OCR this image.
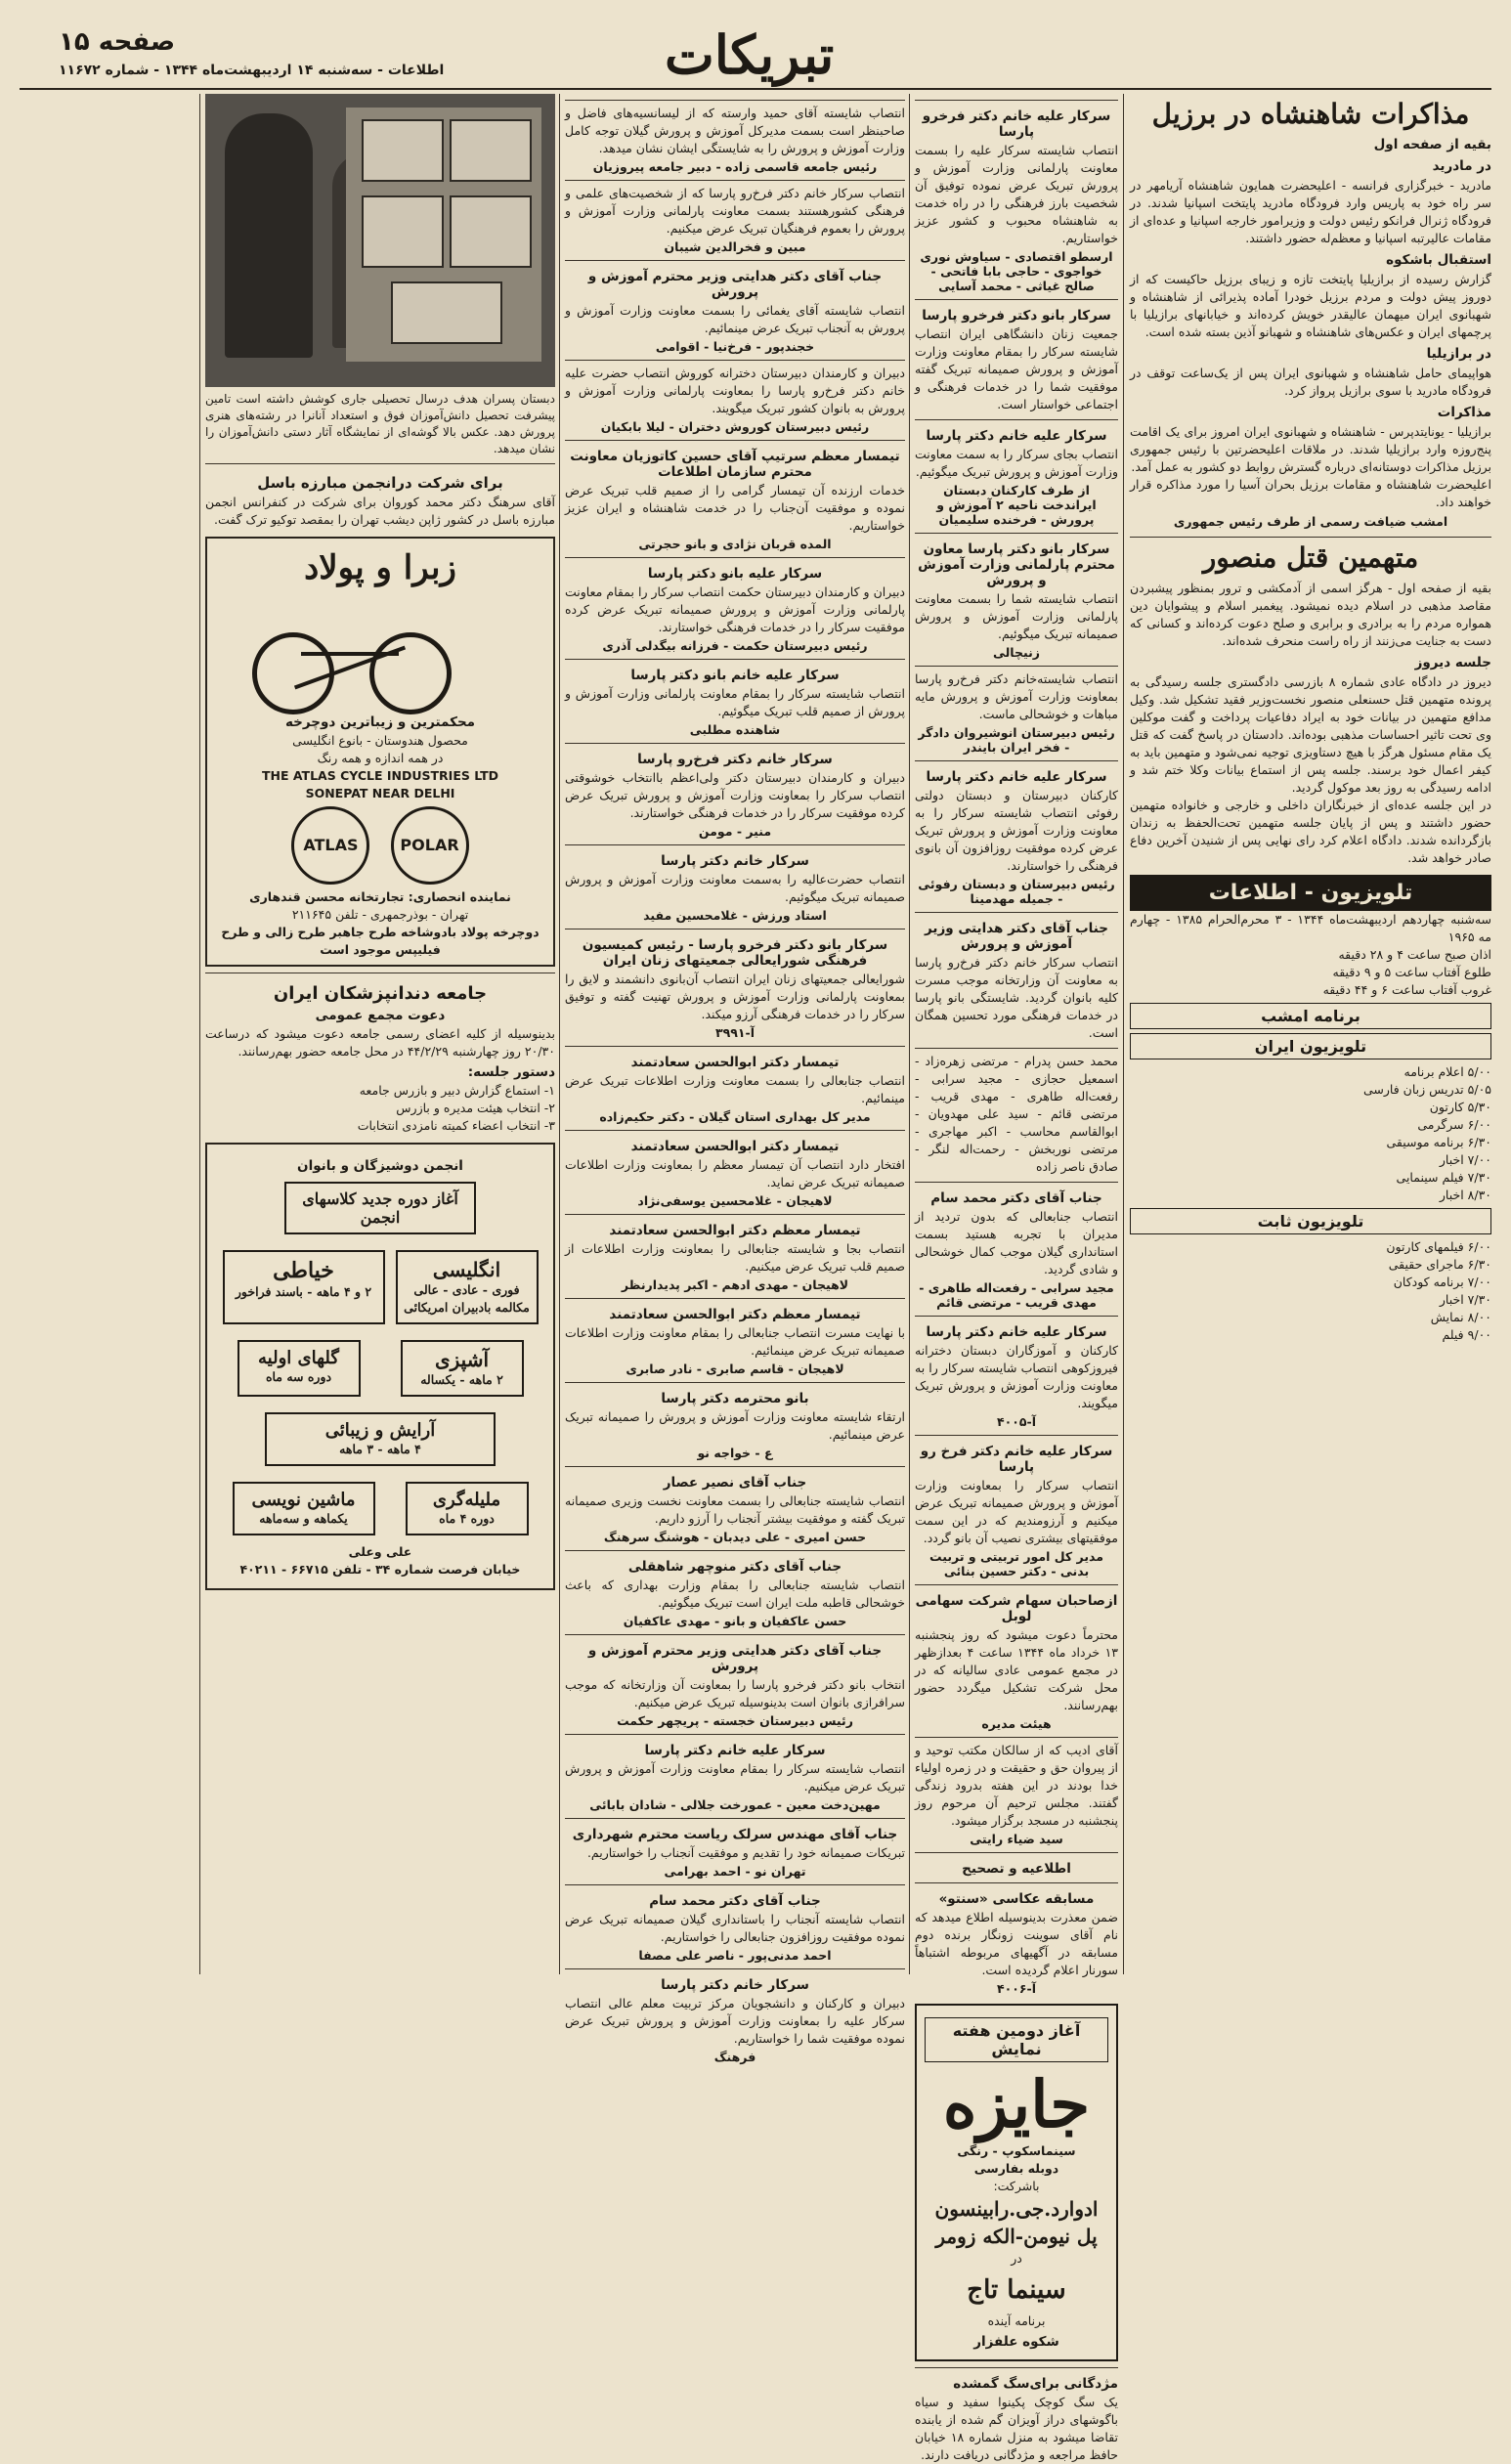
صفحه ۱۵
اطلاعات - سه‌شنبه ۱۴ اردیبهشت‌ماه ۱۳۴۴ - شماره ۱۱۶۷۲	تبریکات
مذاکرات شاهنشاه در برزیل

بقیه از صفحه اول

در مادرید

مادرید - خبرگزاری فرانسه - اعلیحضرت همایون شاهنشاه آریامهر در سر راه خود به پاریس وارد فرودگاه مادرید پایتخت اسپانیا شدند. در فرودگاه ژنرال فرانکو رئیس دولت و وزیرامور خارجه اسپانیا و عده‌ای از مقامات عالیرتبه اسپانیا و معظم‌له حضور داشتند.

استقبال باشکوه

گزارش رسیده از برازیلیا پایتخت تازه و زیبای برزیل حاکیست که از دوروز پیش دولت و مردم برزیل خودرا آماده پذیرائی از شاهنشاه و شهبانوی ایران میهمان عالیقدر خویش کرده‌اند و خیابانهای برازیلیا با پرچمهای ایران و عکس‌های شاهنشاه و شهبانو آذین بسته شده است.

در برازیلیا

هواپیمای حامل شاهنشاه و شهبانوی ایران پس از یک‌ساعت توقف در فرودگاه مادرید با سوی برازیل پرواز کرد.

مذاکرات

برازیلیا - یونایتدپرس - شاهنشاه و شهبانوی ایران امروز برای یک اقامت پنج‌روزه وارد برازیلیا شدند. در ملاقات اعلیحضرتین با رئیس جمهوری برزیل مذاکرات دوستانه‌ای درباره گسترش روابط دو کشور به عمل آمد.

اعلیحضرت شاهنشاه و مقامات برزیل بحران آسیا را مورد مذاکره قرار خواهند داد.

امشب ضیافت رسمی از طرف رئیس جمهوری

متهمین قتل منصور

بقیه از صفحه اول - هرگز اسمی از آدمکشی و ترور بمنظور پیشبردن مقاصد مذهبی در اسلام دیده نمیشود. پیغمبر اسلام و پیشوایان دین همواره مردم را به برادری و برابری و صلح دعوت کرده‌اند و کسانی که دست به جنایت می‌زنند از راه راست منحرف شده‌اند.

جلسه دیروز

دیروز در دادگاه عادی شماره ۸ بازرسی دادگستری جلسه رسیدگی به پرونده متهمین قتل حسنعلی منصور نخست‌وزیر فقید تشکیل شد. وکیل مدافع متهمین در بیانات خود به ایراد دفاعیات پرداخت و گفت موکلین وی تحت تاثیر احساسات مذهبی بوده‌اند. دادستان در پاسخ گفت که قتل یک مقام مسئول هرگز با هیچ دستاویزی توجیه نمی‌شود و متهمین باید به کیفر اعمال خود برسند. جلسه پس از استماع بیانات وکلا ختم شد و ادامه رسیدگی به روز بعد موکول گردید.

در این جلسه عده‌ای از خبرنگاران داخلی و خارجی و خانواده متهمین حضور داشتند و پس از پایان جلسه متهمین تحت‌الحفظ به زندان بازگردانده شدند. دادگاه اعلام کرد رای نهایی پس از شنیدن آخرین دفاع صادر خواهد شد.

تلویزیون - اطلاعات

سه‌شنبه چهاردهم اردیبهشت‌ماه ۱۳۴۴ - ۳ محرم‌الحرام ۱۳۸۵ - چهارم مه ۱۹۶۵

اذان صبح ساعت ۴ و ۲۸ دقیقه
طلوع آفتاب ساعت ۵ و ۹ دقیقه
غروب آفتاب ساعت ۶ و ۴۴ دقیقه
برنامه امشب
تلویزیون ایران
۵/۰۰ اعلام برنامه
۵/۰۵ تدریس زبان فارسی
۵/۳۰ کارتون
۶/۰۰ سرگرمی
۶/۳۰ برنامه موسیقی
۷/۰۰ اخبار
۷/۳۰ فیلم سینمایی
۸/۳۰ اخبار
تلویزیون ثابت
۶/۰۰ فیلمهای کارتون
۶/۳۰ ماجرای حقیقی
۷/۰۰ برنامه کودکان
۷/۳۰ اخبار
۸/۰۰ نمایش
۹/۰۰ فیلم
سرکار علیه خانم دکتر فرخرو پارسا

انتصاب شایسته سرکار علیه را بسمت معاونت پارلمانی وزارت آموزش و پرورش تبریک عرض نموده توفیق آن شخصیت بارز فرهنگی را در راه خدمت به شاهنشاه محبوب و کشور عزیز خواستاریم.

ارسطو اقتصادی - سیاوش نوری خواجوی - حاجی بابا فاتحی - صالح غیاثی - محمد آسایی
سرکار بانو دکتر فرخرو پارسا

جمعیت زنان دانشگاهی ایران انتصاب شایسته سرکار را بمقام معاونت وزارت آموزش و پرورش صمیمانه تبریک گفته موفقیت شما را در خدمات فرهنگی و اجتماعی خواستار است.

سرکار علیه خانم دکتر پارسا

انتصاب بجای سرکار را به سمت معاونت وزارت آموزش و پرورش تبریک میگوئیم.

از طرف کارکنان دبستان ایراندخت ناحیه ۲ آموزش و پرورش - فرخنده سلیمیان
سرکار بانو دکتر پارسا معاون محترم پارلمانی وزارت آموزش و پرورش

انتصاب شایسته شما را بسمت معاونت پارلمانی وزارت آموزش و پرورش صمیمانه تبریک میگوئیم.

زنیچالی

انتصاب شایسته‌خانم دکتر فرخ‌رو پارسا بمعاونت وزارت آموزش و پرورش مایه مباهات و خوشحالی ماست.

رئیس دبیرستان انوشیروان دادگر - فخر ایران بایندر
سرکار علیه خانم دکتر پارسا

کارکنان دبیرستان و دبستان دولتی رفوئی انتصاب شایسته سرکار را به معاونت وزارت آموزش و پرورش تبریک عرض کرده موفقیت روزافزون آن بانوی فرهنگی را خواستارند.

رئیس دبیرستان و دبستان رفوئی - جمیله مهدمینا
جناب آقای دکتر هدایتی وزیر آموزش و پرورش

انتصاب سرکار خانم دکتر فرخ‌رو پارسا به معاونت آن وزارتخانه موجب مسرت کلیه بانوان گردید. شایستگی بانو پارسا در خدمات فرهنگی مورد تحسین همگان است.

محمد حسن پدرام - مرتضی زهره‌زاد - اسمعیل حجازی - مجید سرابی - رفعت‌اله طاهری - مهدی قریب - مرتضی قائم - سید علی مهدویان - ابوالقاسم محاسب - اکبر مهاجری - مرتضی نوربخش - رحمت‌اله لنگر - صادق ناصر زاده

جناب آقای دکتر محمد سام

انتصاب جنابعالی که بدون تردید از مدیران با تجربه هستید بسمت استانداری گیلان موجب کمال خوشحالی و شادی گردید.

مجید سرابی - رفعت‌اله طاهری - مهدی قریب - مرتضی قائم
سرکار علیه خانم دکتر پارسا

کارکنان و آموزگاران دبستان دخترانه فیروزکوهی انتصاب شایسته سرکار را به معاونت وزارت آموزش و پرورش تبریک میگویند.

آ-۴۰۰۵
سرکار علیه خانم دکتر فرخ رو پارسا

انتصاب سرکار را بمعاونت وزارت آموزش و پرورش صمیمانه تبریک عرض میکنیم و آرزومندیم که در این سمت موفقیتهای بیشتری نصیب آن بانو گردد.

مدیر کل امور تربیتی و تربیت بدنی - دکتر حسین بنائی
ازصاحبان سهام شرکت سهامی لوبل

محترماً دعوت میشود که روز پنجشنبه ۱۳ خرداد ماه ۱۳۴۴ ساعت ۴ بعدازظهر در مجمع عمومی عادی سالیانه که در محل شرکت تشکیل میگردد حضور بهم‌رسانند.

هیئت مدیره

آقای ادیب که از سالکان مکتب توحید و از پیروان حق و حقیقت و در زمره اولیاء خدا بودند در این هفته بدرود زندگی گفتند. مجلس ترحیم آن مرحوم روز پنجشنبه در مسجد برگزار میشود.

سید ضیاء رایتی
اطلاعیه و تصحیح
مسابقه عکاسی «سنتو»

ضمن معذرت بدینوسیله اطلاع میدهد که نام آقای سوینت زونگار برنده دوم مسابقه در آگهیهای مربوطه اشتباهاً سورنار اعلام گردیده است.

آ-۴۰۰۶
آغاز دومین هفته نمایش
جایزه
سینماسکوپ - رنگی
دوبله بفارسی
باشرکت:
ادوارد.جی.رابینسون
پل نیومن-الکه زومر
در
سینما تاج
برنامه آینده
شکوه علفزار
مژدگانی برای‌سگ گمشده

یک سگ کوچک پکینوا سفید و سیاه باگوشهای دراز آویزان گم شده از یابنده تقاضا میشود به منزل شماره ۱۸ خیابان حافظ مراجعه و مژدگانی دریافت دارند.

انتصاب شایسته آقای حمید وارسته که از لیسانسیه‌های فاضل و صاحبنظر است بسمت مدیرکل آموزش و پرورش گیلان توجه کامل وزارت آموزش و پرورش را به شایستگی ایشان نشان میدهد.

رئیس جامعه قاسمی زاده - دبیر جامعه پیروزیان

انتصاب سرکار خانم دکتر فرخ‌رو پارسا که از شخصیت‌های علمی و فرهنگی کشورهستند بسمت معاونت پارلمانی وزارت آموزش و پرورش را بعموم فرهنگیان تبریک عرض میکنیم.

مبین و فخرالدین شیبان
جناب آقای دکتر هدایتی وزیر محترم آموزش و پرورش

انتصاب شایسته آقای یغمائی را بسمت معاونت وزارت آموزش و پرورش به آنجناب تبریک عرض مینمائیم.

خجندپور - فرخ‌نیا - اقوامی

دبیران و کارمندان دبیرستان دخترانه کوروش انتصاب حضرت علیه خانم دکتر فرخ‌رو پارسا را بمعاونت پارلمانی وزارت آموزش و پرورش به بانوان کشور تبریک میگویند.

رئیس دبیرستان کوروش دختران - لیلا بابکیان
تیمسار معظم سرتیپ آقای حسین کاتوزیان معاونت محترم سازمان اطلاعات

خدمات ارزنده آن تیمسار گرامی را از صمیم قلب تبریک عرض نموده و موفقیت آن‌جناب را در خدمت شاهنشاه و ایران عزیز خواستاریم.

المده قربان نژادی و بانو حجرتی
سرکار علیه بانو دکتر پارسا

دبیران و کارمندان دبیرستان حکمت انتصاب سرکار را بمقام معاونت پارلمانی وزارت آموزش و پرورش صمیمانه تبریک عرض کرده موفقیت سرکار را در خدمات فرهنگی خواستارند.

رئیس دبیرستان حکمت - فرزانه بیگدلی آذری
سرکار علیه خانم بانو دکتر پارسا

انتصاب شایسته سرکار را بمقام معاونت پارلمانی وزارت آموزش و پرورش از صمیم قلب تبریک میگوئیم.

شاهنده مطلبی
سرکار خانم دکتر فرخ‌رو پارسا

دبیران و کارمندان دبیرستان دکتر ولی‌اعظم باانتخاب خوشوقتی انتصاب سرکار را بمعاونت وزارت آموزش و پرورش تبریک عرض کرده موفقیت سرکار را در خدمات فرهنگی خواستارند.

منیر - مومن
سرکار خانم دکتر پارسا

انتصاب حضرت‌عالیه را به‌سمت معاونت وزارت آموزش و پرورش صمیمانه تبریک میگوئیم.

استاد ورزش - غلامحسین مفید
سرکار بانو دکتر فرخرو پارسا - رئیس کمیسیون فرهنگی شورایعالی جمعیتهای زنان ایران

شورایعالی جمعیتهای زنان ایران انتصاب آن‌بانوی دانشمند و لایق را بمعاونت پارلمانی وزارت آموزش و پرورش تهنیت گفته و توفیق سرکار را در خدمات فرهنگی آرزو میکند.

آ-۳۹۹۱
تیمسار دکتر ابوالحسن سعادتمند

انتصاب جنابعالی را بسمت معاونت وزارت اطلاعات تبریک عرض مینمائیم.

مدیر کل بهداری استان گیلان - دکتر حکیم‌زاده
تیمسار دکتر ابوالحسن سعادتمند

افتخار دارد انتصاب آن تیمسار معظم را بمعاونت وزارت اطلاعات صمیمانه تبریک عرض نماید.

لاهیجان - غلامحسین یوسفی‌نژاد
تیمسار معظم دکتر ابوالحسن سعادتمند

انتصاب بجا و شایسته جنابعالی را بمعاونت وزارت اطلاعات از صمیم قلب تبریک عرض میکنیم.

لاهیجان - مهدی ادهم - اکبر پدیدارنظر
تیمسار معظم دکتر ابوالحسن سعادتمند

با نهایت مسرت انتصاب جنابعالی را بمقام معاونت وزارت اطلاعات صمیمانه تبریک عرض مینمائیم.

لاهیجان - قاسم صابری - نادر صابری
بانو محترمه دکتر پارسا

ارتقاء شایسته معاونت وزارت آموزش و پرورش را صمیمانه تبریک عرض مینمائیم.

ع - خواجه نو
جناب آقای نصیر عصار

انتصاب شایسته جنابعالی را بسمت معاونت نخست وزیری صمیمانه تبریک گفته و موفقیت بیشتر آنجناب را آرزو داریم.

حسن امیری - علی دیدبان - هوشنگ سرهنگ
جناب آقای دکتر منوچهر شاهقلی

انتصاب شایسته جنابعالی را بمقام وزارت بهداری که باعث خوشحالی قاطبه ملت ایران است تبریک میگوئیم.

حسن عاکفیان و بانو - مهدی عاکفیان
جناب آقای دکتر هدایتی وزیر محترم آموزش و پرورش

انتخاب بانو دکتر فرخرو پارسا را بمعاونت آن وزارتخانه که موجب سرافرازی بانوان است بدینوسیله تبریک عرض میکنیم.

رئیس دبیرستان خجسته - پریچهر حکمت
سرکار علیه خانم دکتر پارسا

انتصاب شایسته سرکار را بمقام معاونت وزارت آموزش و پرورش تبریک عرض میکنیم.

مهین‌دخت معین - عمورخت جلالی - شادان بابائی
جناب آقای مهندس سرلک ریاست محترم شهرداری

تبریکات صمیمانه خود را تقدیم و موفقیت آنجناب را خواستاریم.

تهران نو - احمد بهرامی
جناب آقای دکتر محمد سام

انتصاب شایسته آنجناب را باستانداری گیلان صمیمانه تبریک عرض نموده موفقیت روزافزون جنابعالی را خواستاریم.

احمد مدنی‌پور - ناصر علی مصفا
سرکار خانم دکتر پارسا

دبیران و کارکنان و دانشجویان مرکز تربیت معلم عالی انتصاب سرکار علیه را بمعاونت وزارت آموزش و پرورش تبریک عرض نموده موفقیت شما را خواستاریم.

فرهنگ

دبستان پسران هدف درسال تحصیلی جاری کوشش داشته است تامین پیشرفت تحصیل دانش‌آموزان فوق و استعداد آنانرا در رشته‌های هنری پرورش دهد. عکس بالا گوشه‌ای از نمایشگاه آثار دستی دانش‌آموزان را نشان میدهد.

برای شرکت درانجمن مبارزه باسل

آقای سرهنگ دکتر محمد کوروان برای شرکت در کنفرانس انجمن مبارزه باسل در کشور ژاپن دیشب تهران را بمقصد توکیو ترک گفت.

زبرا و پولاد
محکمترین و زیباترین دوچرخه
محصول هندوستان - بانوع انگلیسی
در همه اندازه و همه رنگ
THE ATLAS CYCLE INDUSTRIES LTD
SONEPAT NEAR DELHI
POLAR ATLAS
نماینده انحصاری: تجارتخانه محسن قندهاری
تهران - بوذرجمهری - تلفن ۲۱۱۶۴۵
دوچرخه پولاد بادوشاخه طرح جاهبر طرح زالی و طرح فیلیپس موجود است
جامعه دندانپزشکان ایران
دعوت مجمع عمومی

بدینوسیله از کلیه اعضای رسمی جامعه دعوت میشود که درساعت ۲۰/۳۰ روز چهارشنبه ۴۴/۲/۲۹ در محل جامعه حضور بهم‌رسانند.

دستور جلسه:
۱- استماع گزارش دبیر و بازرس جامعه
۲- انتخاب هیئت مدیره و بازرس
۳- انتخاب اعضاء کمیته نامزدی انتخابات
انجمن دوشیزگان و بانوان
آغاز دوره جدید کلاسهای انجمن
انگلیسی
فوری - عادی - عالی
مکالمه بادبیران امریکائی
خیاطی
۲ و ۴ ماهه - باسند فراخور
آشپزی
۲ ماهه - یکساله
گلهای اولیه
دوره سه ماه
آرایش و زیبائی
۴ ماهه - ۳ ماهه
ملیله‌گری
دوره ۴ ماه
ماشین نویسی
یکماهه و سه‌ماهه
علی وعلی
خیابان فرصت شماره ۳۴ - تلفن ۶۶۷۱۵ - ۴۰۲۱۱
